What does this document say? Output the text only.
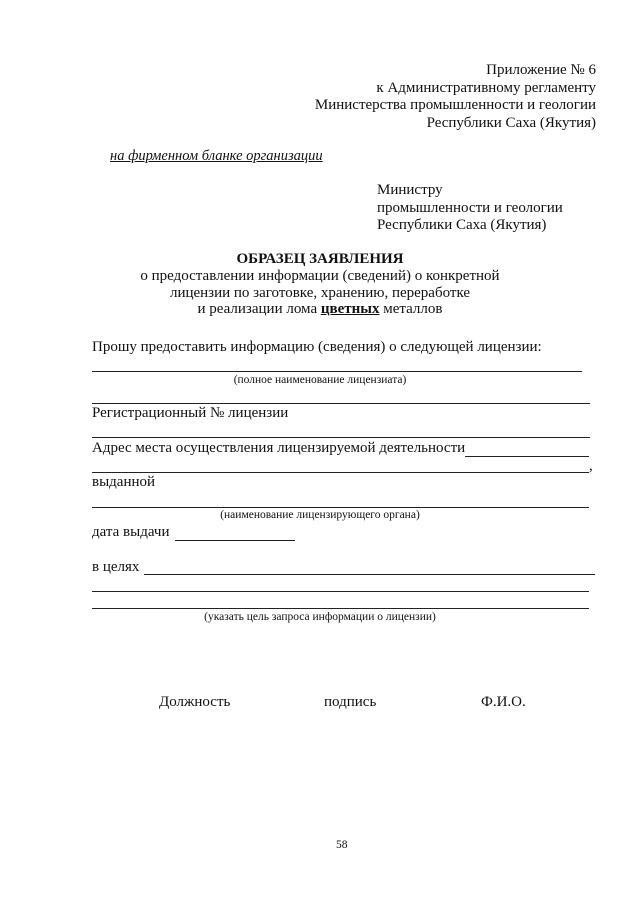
Приложение № 6
к Административному регламенту
Министерства промышленности и геологии
Республики Саха (Якутия)
на фирменном бланке организации
Министру
промышленности и геологии
Республики Саха (Якутия)
ОБРАЗЕЦ ЗАЯВЛЕНИЯ
о предоставлении информации (сведений) о конкретной
лицензии по заготовке, хранению, переработке
и реализации лома цветных металлов
Прошу предоставить информацию (сведения) о следующей лицензии:
(полное наименование лицензиата)
Регистрационный № лицензии
Адрес места осуществления лицензируемой деятельности
,
выданной
(наименование лицензирующего органа)
дата выдачи
в целях
(указать цель запроса информации о лицензии)
Должность	подпись	Ф.И.О.
58
